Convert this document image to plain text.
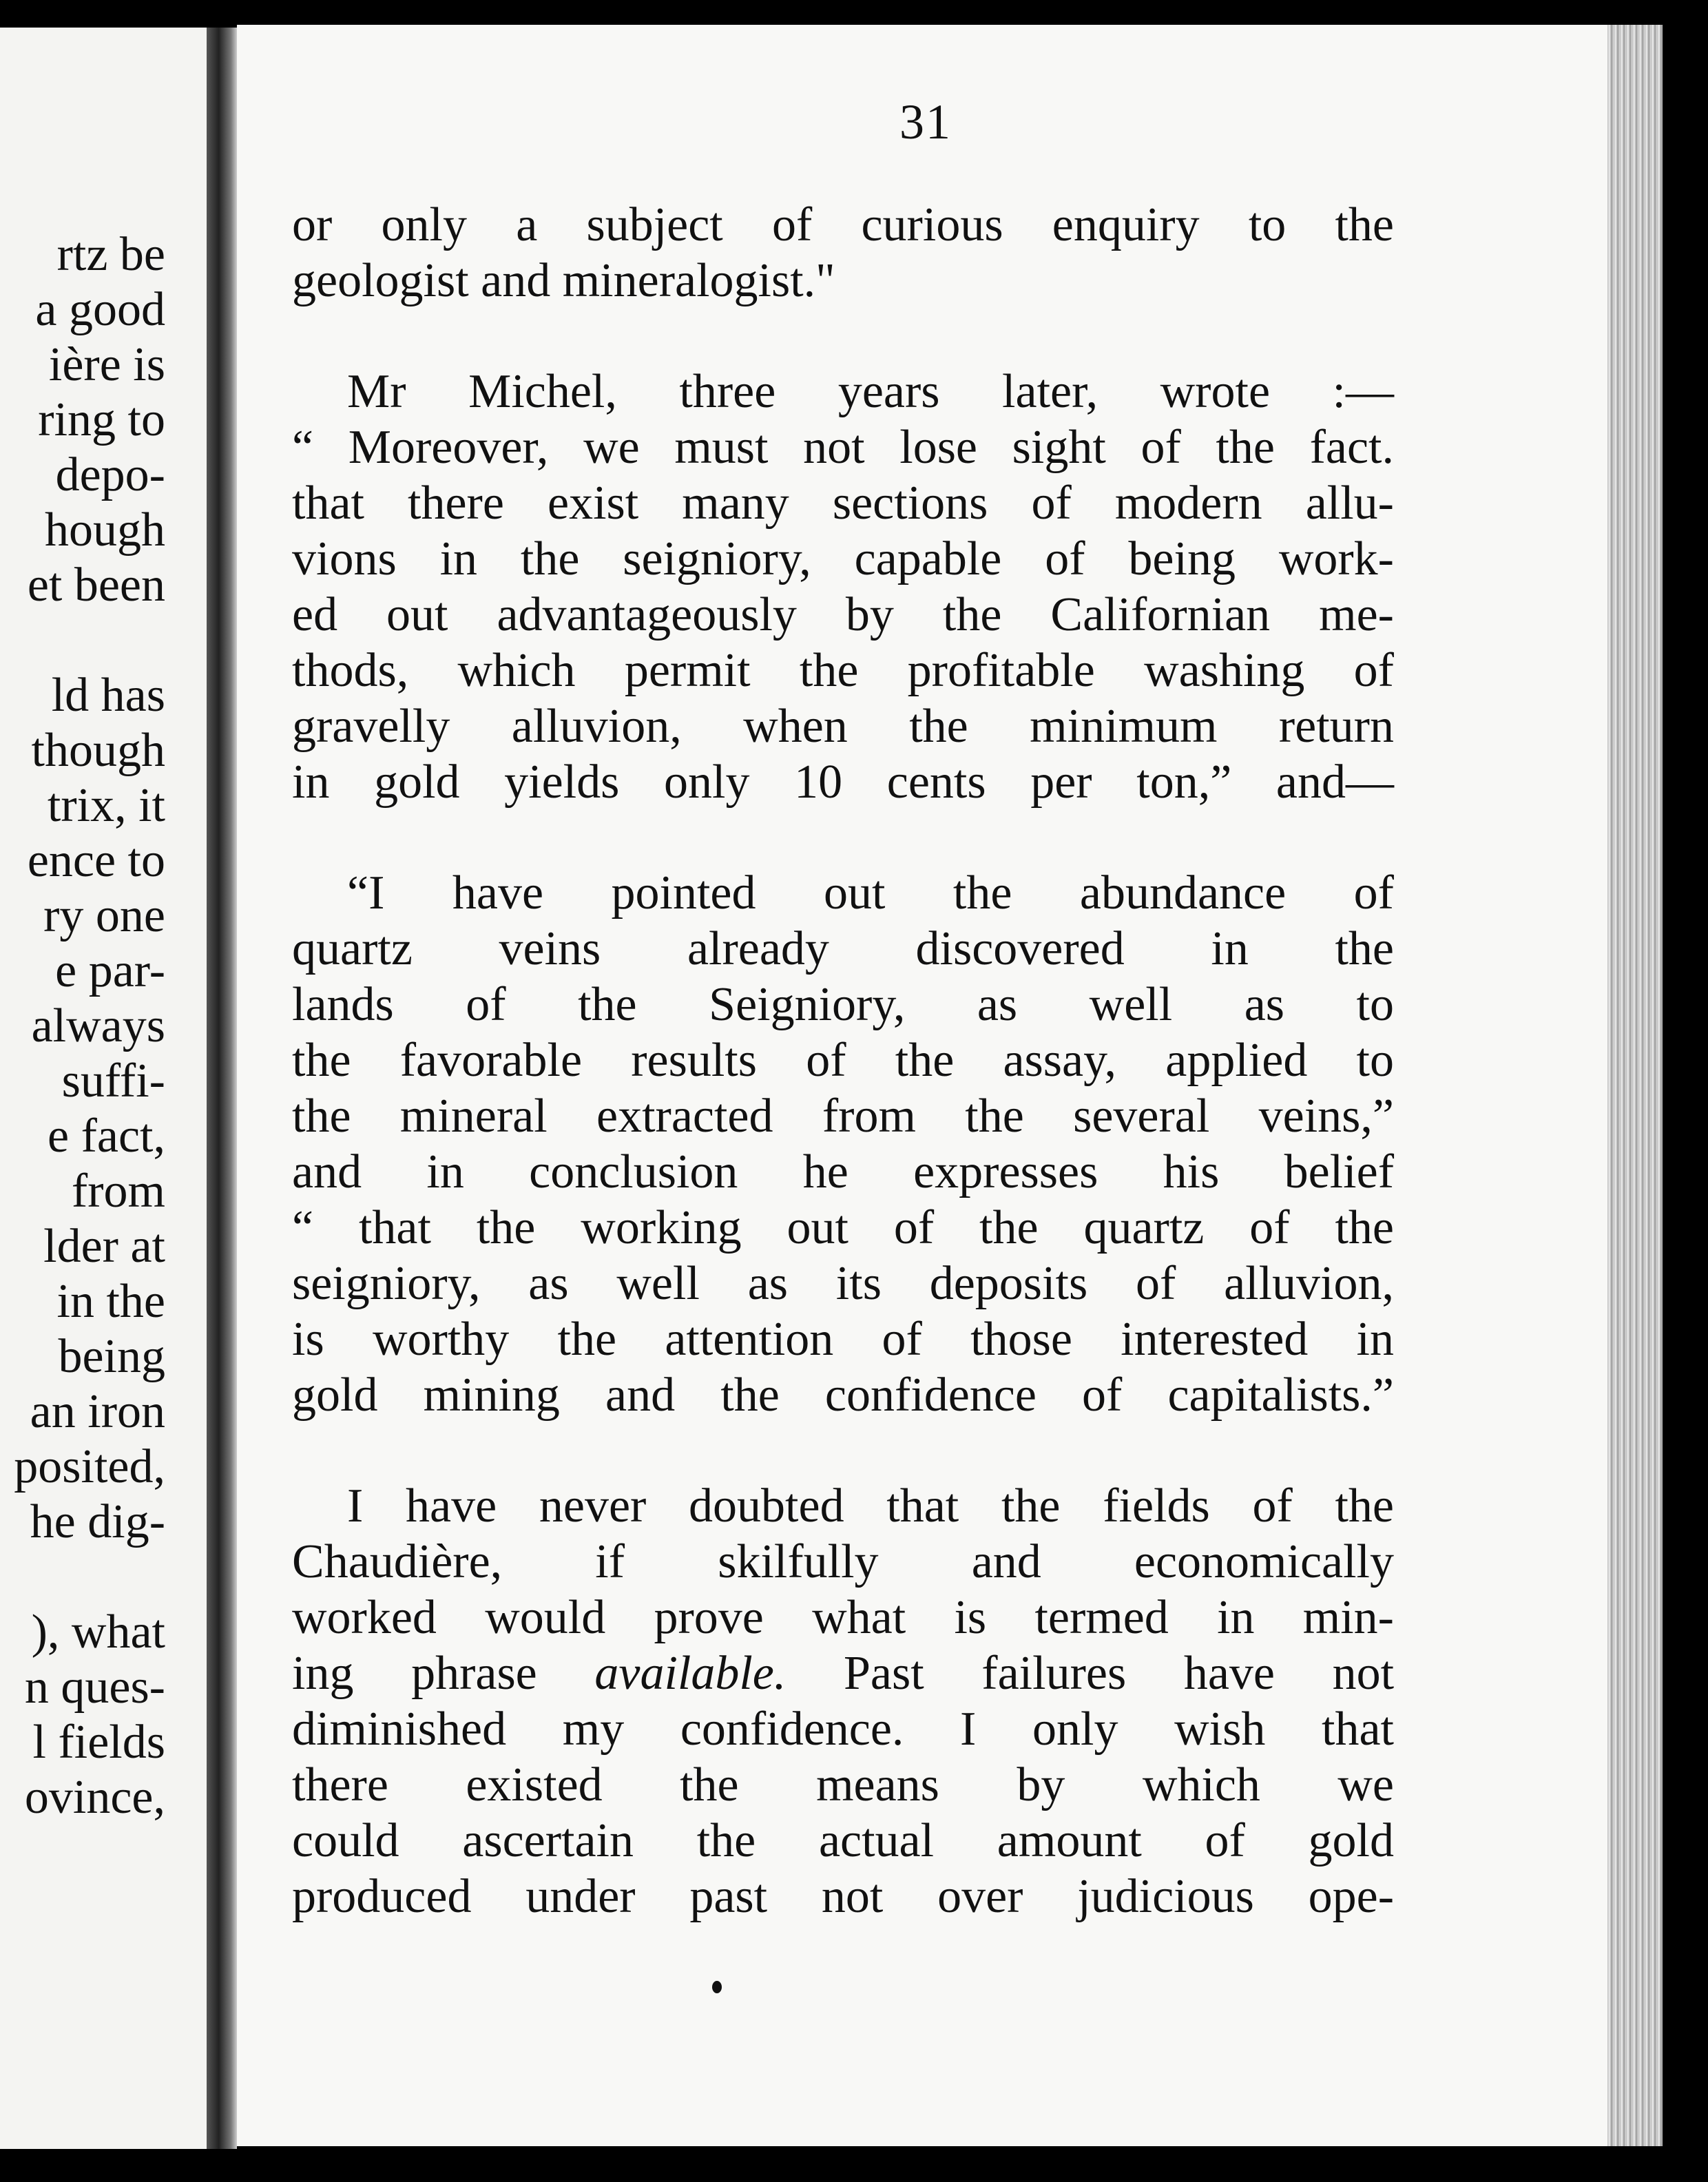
rtz be
a good
ière is
ring to
depo-
hough
et been
ld has
though
trix, it
ence to
ry one
e par-
always
suffi-
e fact,
from
lder at
in the
being
an iron
posited,
he dig-
), what
n ques-
l fields
ovince,
31
or only a subject of curious enquiry to the
geologist and mineralogist."
Mr Michel, three years later, wrote :—
“ Moreover, we must not lose sight of the fact.
that there exist many sections of modern allu-
vions in the seigniory, capable of being work-
ed out advantageously by the Californian me-
thods, which permit the profitable washing of
gravelly alluvion, when the minimum return
in gold yields only 10 cents per ton,” and—
“I have pointed out the abundance of
quartz veins already discovered in the
lands of the Seigniory, as well as to
the favorable results of the assay, applied to
the mineral extracted from the several veins,”
and in conclusion he expresses his belief
“ that the working out of the quartz of the
seigniory, as well as its deposits of alluvion,
is worthy the attention of those interested in
gold mining and the confidence of capitalists.”
I have never doubted that the fields of the
Chaudière, if skilfully and economically
worked would prove what is termed in min-
ing phrase available. Past failures have not
diminished my confidence. I only wish that
there existed the means by which we
could ascertain the actual amount of gold
produced under past not over judicious ope-
